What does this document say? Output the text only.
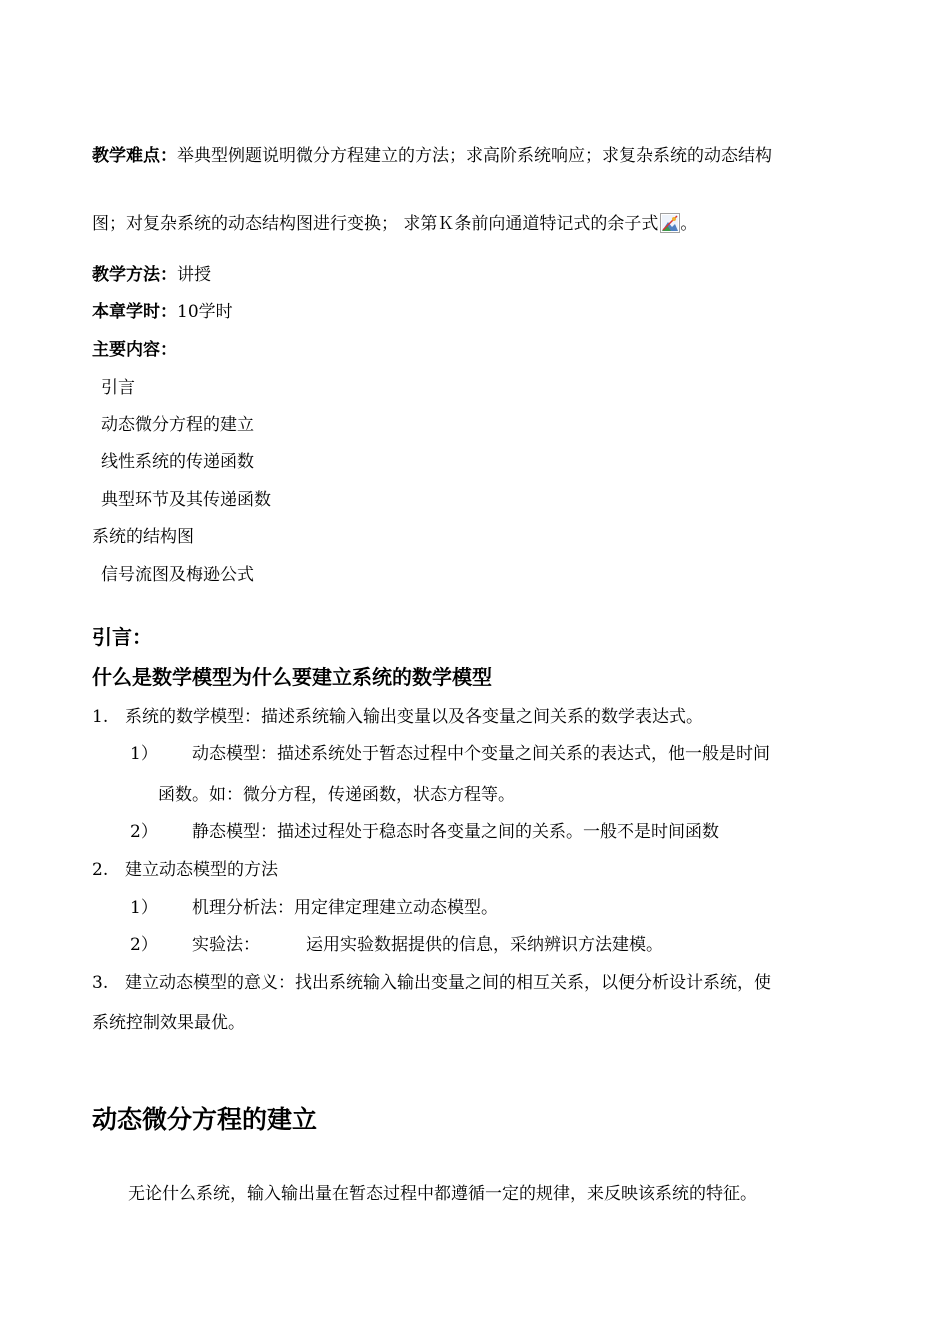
教学难点：举典型例题说明微分方程建立的方法；求高阶系统响应；求复杂系统的动态结构
图；对复杂系统的动态结构图进行变换； 求第Ｋ条前向通道特记式的余子式 。
教学方法：讲授
本章学时：10学时
主要内容：
引言
动态微分方程的建立
线性系统的传递函数
典型环节及其传递函数
系统的结构图
信号流图及梅逊公式
引言：
什么是数学模型为什么要建立系统的数学模型
1. 系统的数学模型：描述系统输入输出变量以及各变量之间关系的数学表达式。
1） 动态模型：描述系统处于暂态过程中个变量之间关系的表达式，他一般是时间
函数。如：微分方程，传递函数，状态方程等。
2） 静态模型：描述过程处于稳态时各变量之间的关系。一般不是时间函数
2. 建立动态模型的方法
1） 机理分析法：用定律定理建立动态模型。
2） 实验法：	运用实验数据提供的信息，采纳辨识方法建模。
3. 建立动态模型的意义：找出系统输入输出变量之间的相互关系，以便分析设计系统，使
系统控制效果最优。
动态微分方程的建立
无论什么系统，输入输出量在暂态过程中都遵循一定的规律，来反映该系统的特征。
